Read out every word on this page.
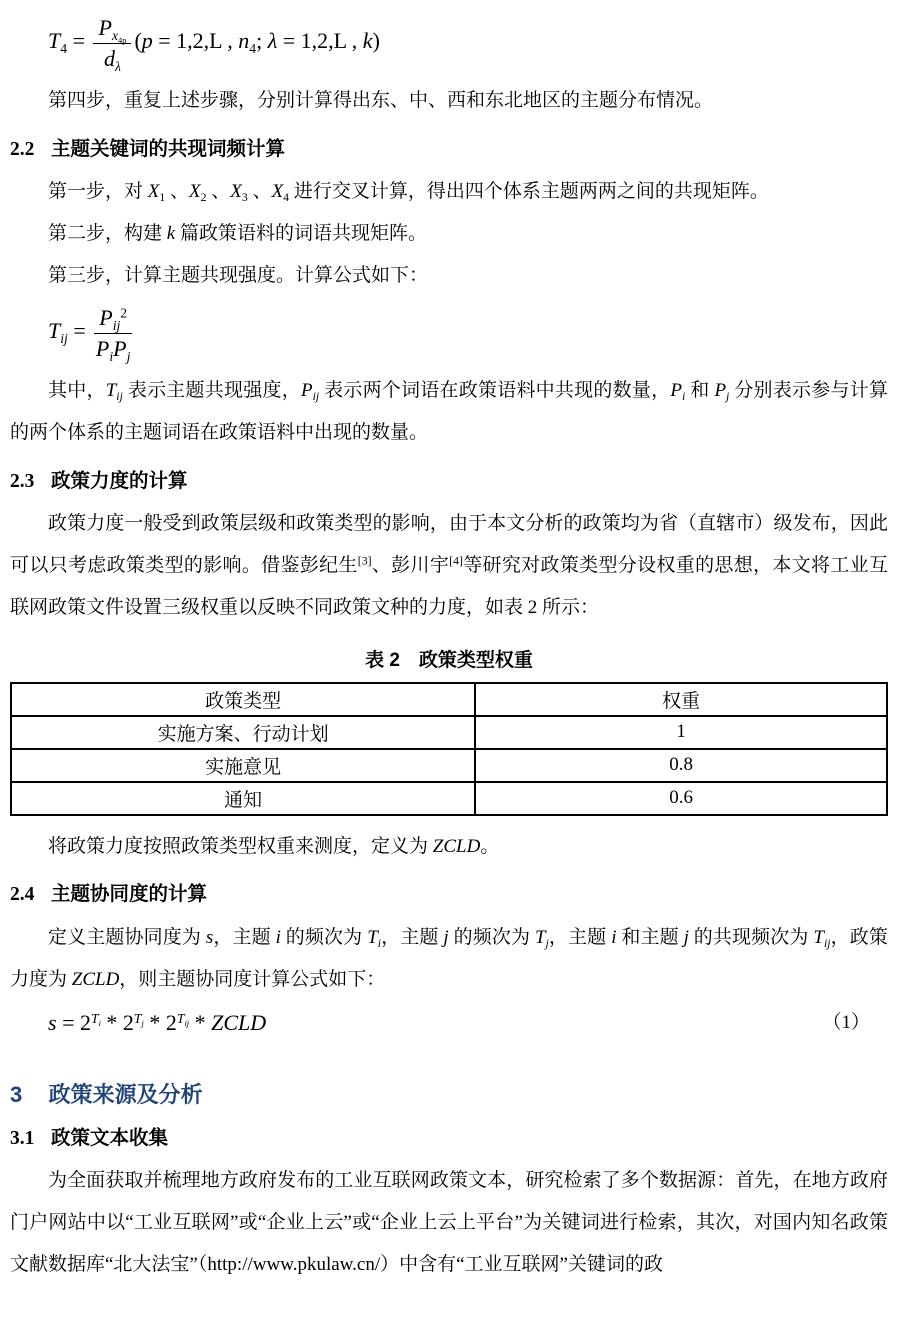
$T_4 = \frac{P_{x_{4p}}}{d_\lambda} (p = 1,2,L$ , $n_4$; λ = 1,2,L , k)

第四步，重复上述步骤，分别计算得出东、中、西和东北地区的主题分布情况。

2.2 主题关键词的共现词频计算

第一步，对 $X_1$ 、$X_2$ 、$X_3$ 、$X_4$ 进行交叉计算，得出四个体系主题两两之间的共现矩阵。

第二步，构建 k 篇政策语料的词语共现矩阵。

第三步，计算主题共现强度。计算公式如下：

$T_{ij} = \frac{P_{ij}^2}{P_iP_j}$

其中，$T_{ij}$ 表示主题共现强度，$P_{ij}$ 表示两个词语在政策语料中共现的数量，$P_i$ 和 $P_j$ 分别表示参与计算的两个体系的主题词语在政策语料中出现的数量。

2.3 政策力度的计算

政策力度一般受到政策层级和政策类型的影响，由于本文分析的政策均为省（直辖市）级发布，因此可以只考虑政策类型的影响。借鉴彭纪生[3]、彭川宇[4]等研究对政策类型分设权重的思想，本文将工业互联网政策文件设置三级权重以反映不同政策文种的力度，如表 2 所示：

表 2　政策类型权重
政策类型	权重
实施方案、行动计划	1
实施意见	0.8
通知	0.6

将政策力度按照政策类型权重来测度，定义为 ZCLD。

2.4 主题协同度的计算

定义主题协同度为 s，主题 i 的频次为 $T_i$，主题 j 的频次为 $T_j$，主题 i 和主题 j 的共现频次为 $T_{ij}$，政策力度为 ZCLD，则主题协同度计算公式如下：

$s = 2^{T_i} * 2^{T_j} * 2^{T_{ij}}$ * ZCLD	（1）
3 政策来源及分析
3.1 政策文本收集

为全面获取并梳理地方政府发布的工业互联网政策文本，研究检索了多个数据源：首先，在地方政府门户网站中以“工业互联网”或“企业上云”或“企业上云上平台”为关键词进行检索，其次，对国内知名政策文献数据库“北大法宝”（http://www.pkulaw.cn/）中含有“工业互联网”关键词的政
